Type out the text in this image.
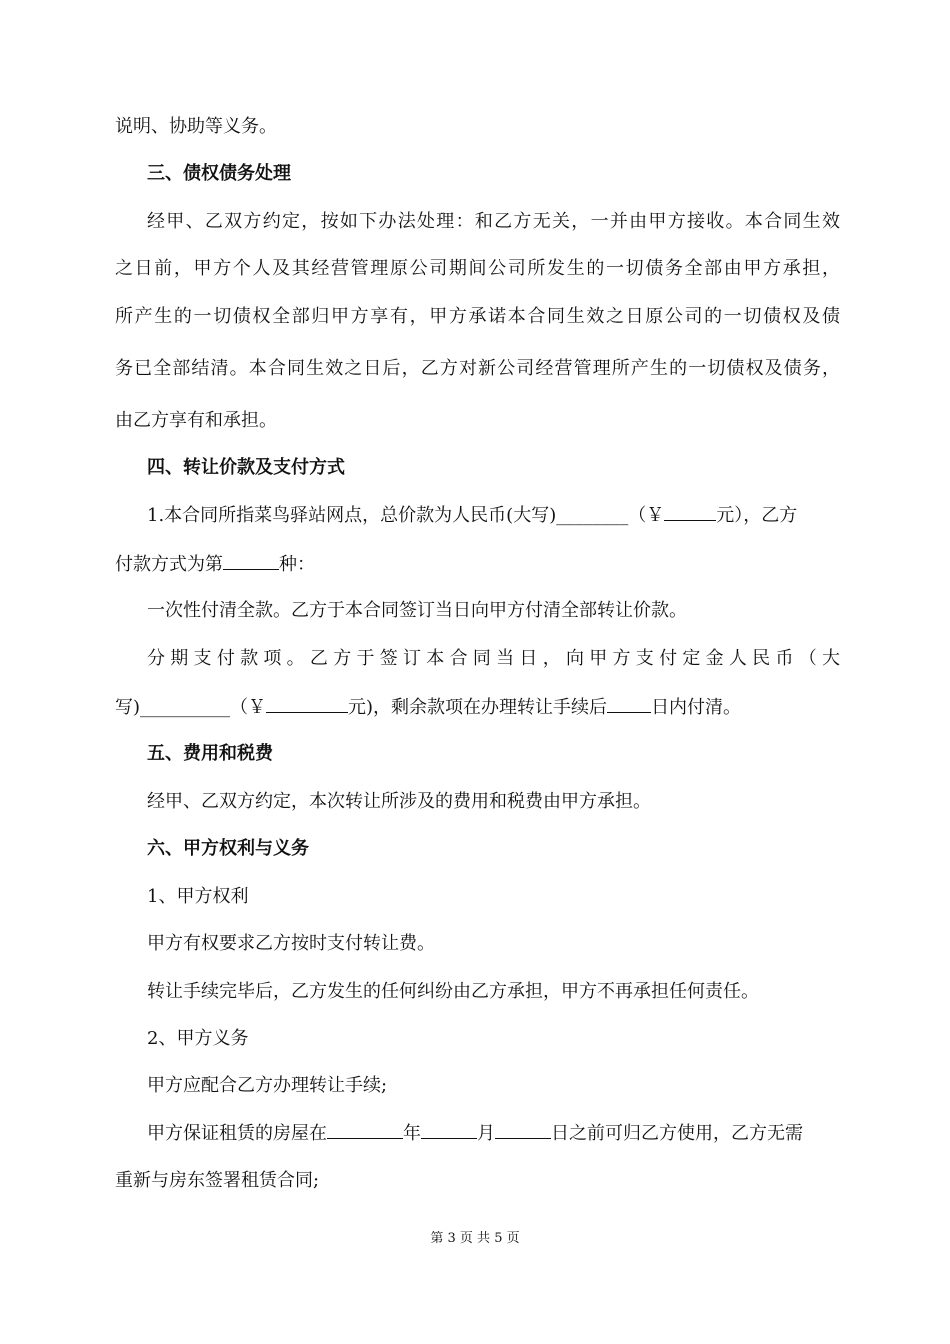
说明、协助等义务。
三、债权债务处理
经甲、乙双方约定，按如下办法处理：和乙方无关，一并由甲方接收。本合同生效
之日前，甲方个人及其经营管理原公司期间公司所发生的一切债务全部由甲方承担，
所产生的一切债权全部归甲方享有，甲方承诺本合同生效之日原公司的一切债权及债
务已全部结清。本合同生效之日后，乙方对新公司经营管理所产生的一切债权及债务，
由乙方享有和承担。
四、转让价款及支付方式
1.本合同所指菜鸟驿站网点，总价款为人民币(大写)________（￥	元），乙方
付款方式为第	种：
一次性付清全款。乙方于本合同签订当日向甲方付清全部转让价款。
分期支付款项。乙方于签订本合同当日，向甲方支付定金人民币（大
写)__________（￥	元)，剩余款项在办理转让手续后 日内付清。
五、费用和税费
经甲、乙双方约定，本次转让所涉及的费用和税费由甲方承担。
六、甲方权利与义务
1、甲方权利
甲方有权要求乙方按时支付转让费。
转让手续完毕后，乙方发生的任何纠纷由乙方承担，甲方不再承担任何责任。
2、甲方义务
甲方应配合乙方办理转让手续;
甲方保证租赁的房屋在	年	月	日之前可归乙方使用，乙方无需
重新与房东签署租赁合同;
第 3 页 共 5 页
